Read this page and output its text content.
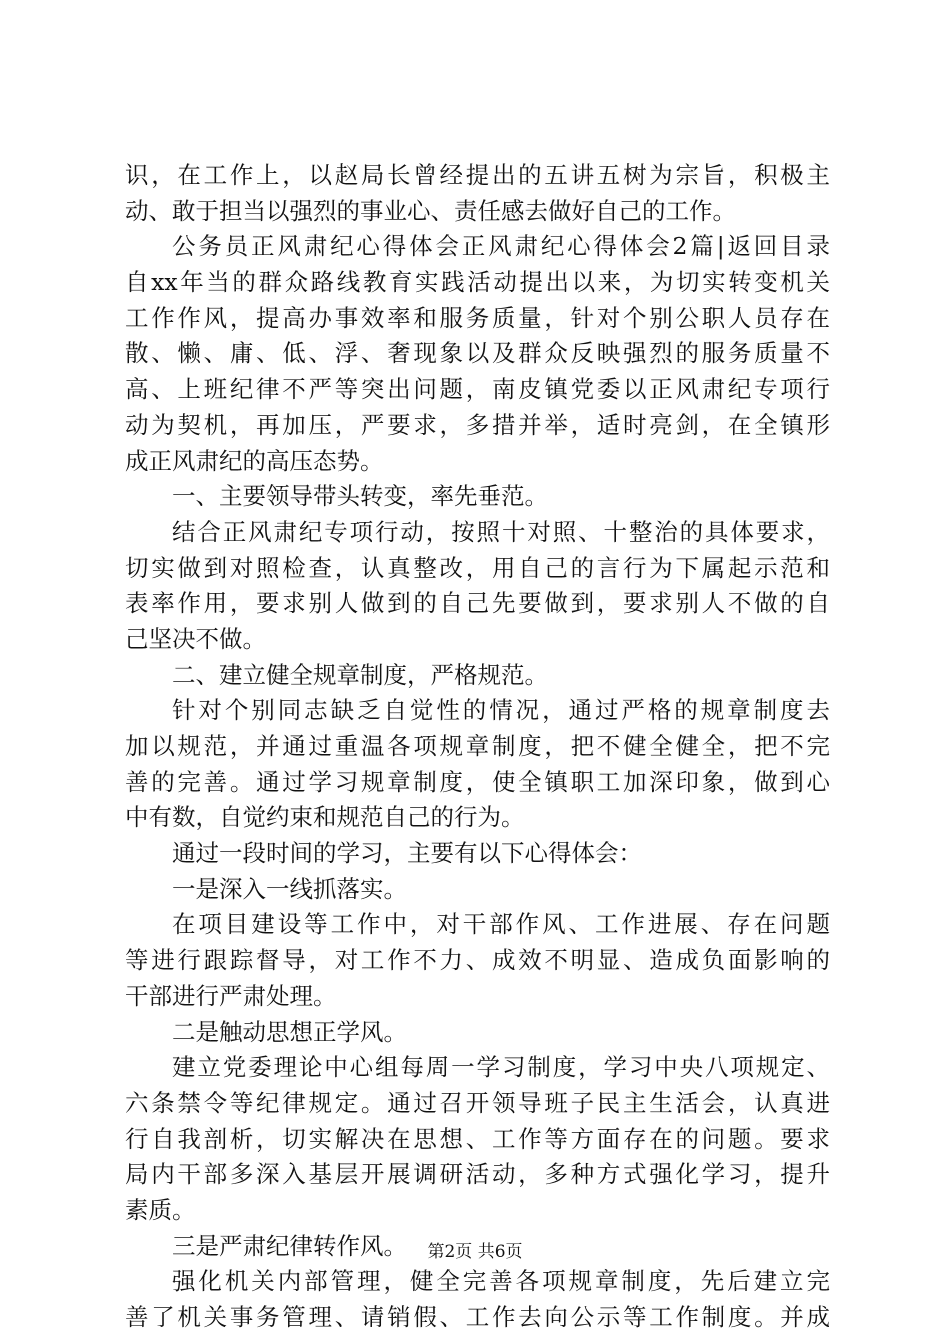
识，在工作上，以赵局长曾经提出的五讲五树为宗旨，积极主
动、敢于担当以强烈的事业心、责任感去做好自己的工作。
公务员正风肃纪心得体会正风肃纪心得体会2篇|返回目录
自xx年当的群众路线教育实践活动提出以来，为切实转变机关
工作作风，提高办事效率和服务质量，针对个别公职人员存在
散、懒、庸、低、浮、奢现象以及群众反映强烈的服务质量不
高、上班纪律不严等突出问题，南皮镇党委以正风肃纪专项行
动为契机，再加压，严要求，多措并举，适时亮剑，在全镇形
成正风肃纪的高压态势。
一、主要领导带头转变，率先垂范。
结合正风肃纪专项行动，按照十对照、十整治的具体要求，
切实做到对照检查，认真整改，用自己的言行为下属起示范和
表率作用，要求别人做到的自己先要做到，要求别人不做的自
己坚决不做。
二、建立健全规章制度，严格规范。
针对个别同志缺乏自觉性的情况，通过严格的规章制度去
加以规范，并通过重温各项规章制度，把不健全健全，把不完
善的完善。通过学习规章制度，使全镇职工加深印象，做到心
中有数，自觉约束和规范自己的行为。
通过一段时间的学习，主要有以下心得体会：
一是深入一线抓落实。
在项目建设等工作中，对干部作风、工作进展、存在问题
等进行跟踪督导，对工作不力、成效不明显、造成负面影响的
干部进行严肃处理。
二是触动思想正学风。
建立党委理论中心组每周一学习制度，学习中央八项规定、
六条禁令等纪律规定。通过召开领导班子民主生活会，认真进
行自我剖析，切实解决在思想、工作等方面存在的问题。要求
局内干部多深入基层开展调研活动，多种方式强化学习，提升
素质。
三是严肃纪律转作风。
强化机关内部管理，健全完善各项规章制度，先后建立完
善了机关事务管理、请销假、工作去向公示等工作制度。并成
第2页 共6页
